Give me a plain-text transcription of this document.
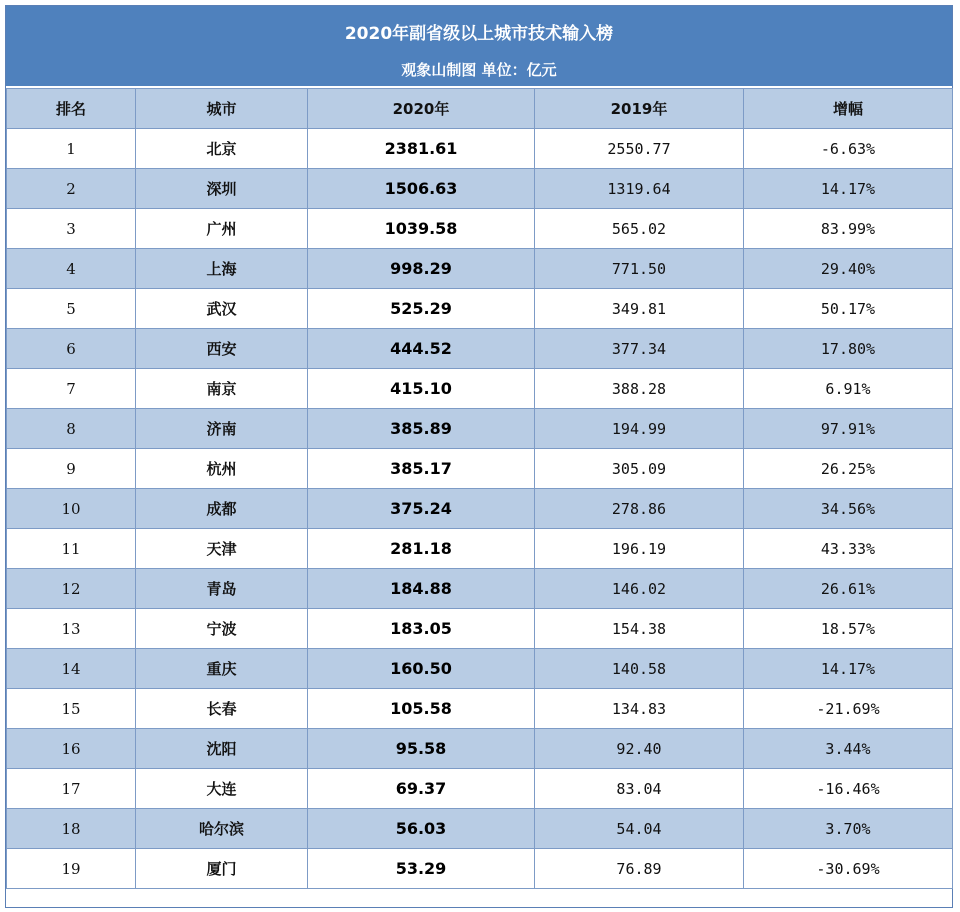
2020年副省级以上城市技术输入榜
观象山制图 单位：亿元
排名	城市	2020年	2019年	增幅
1	北京	2381.61	2550.77	-6.63%
2	深圳	1506.63	1319.64	14.17%
3	广州	1039.58	565.02	83.99%
4	上海	998.29	771.50	29.40%
5	武汉	525.29	349.81	50.17%
6	西安	444.52	377.34	17.80%
7	南京	415.10	388.28	6.91%
8	济南	385.89	194.99	97.91%
9	杭州	385.17	305.09	26.25%
10	成都	375.24	278.86	34.56%
11	天津	281.18	196.19	43.33%
12	青岛	184.88	146.02	26.61%
13	宁波	183.05	154.38	18.57%
14	重庆	160.50	140.58	14.17%
15	长春	105.58	134.83	-21.69%
16	沈阳	95.58	92.40	3.44%
17	大连	69.37	83.04	-16.46%
18	哈尔滨	56.03	54.04	3.70%
19	厦门	53.29	76.89	-30.69%
